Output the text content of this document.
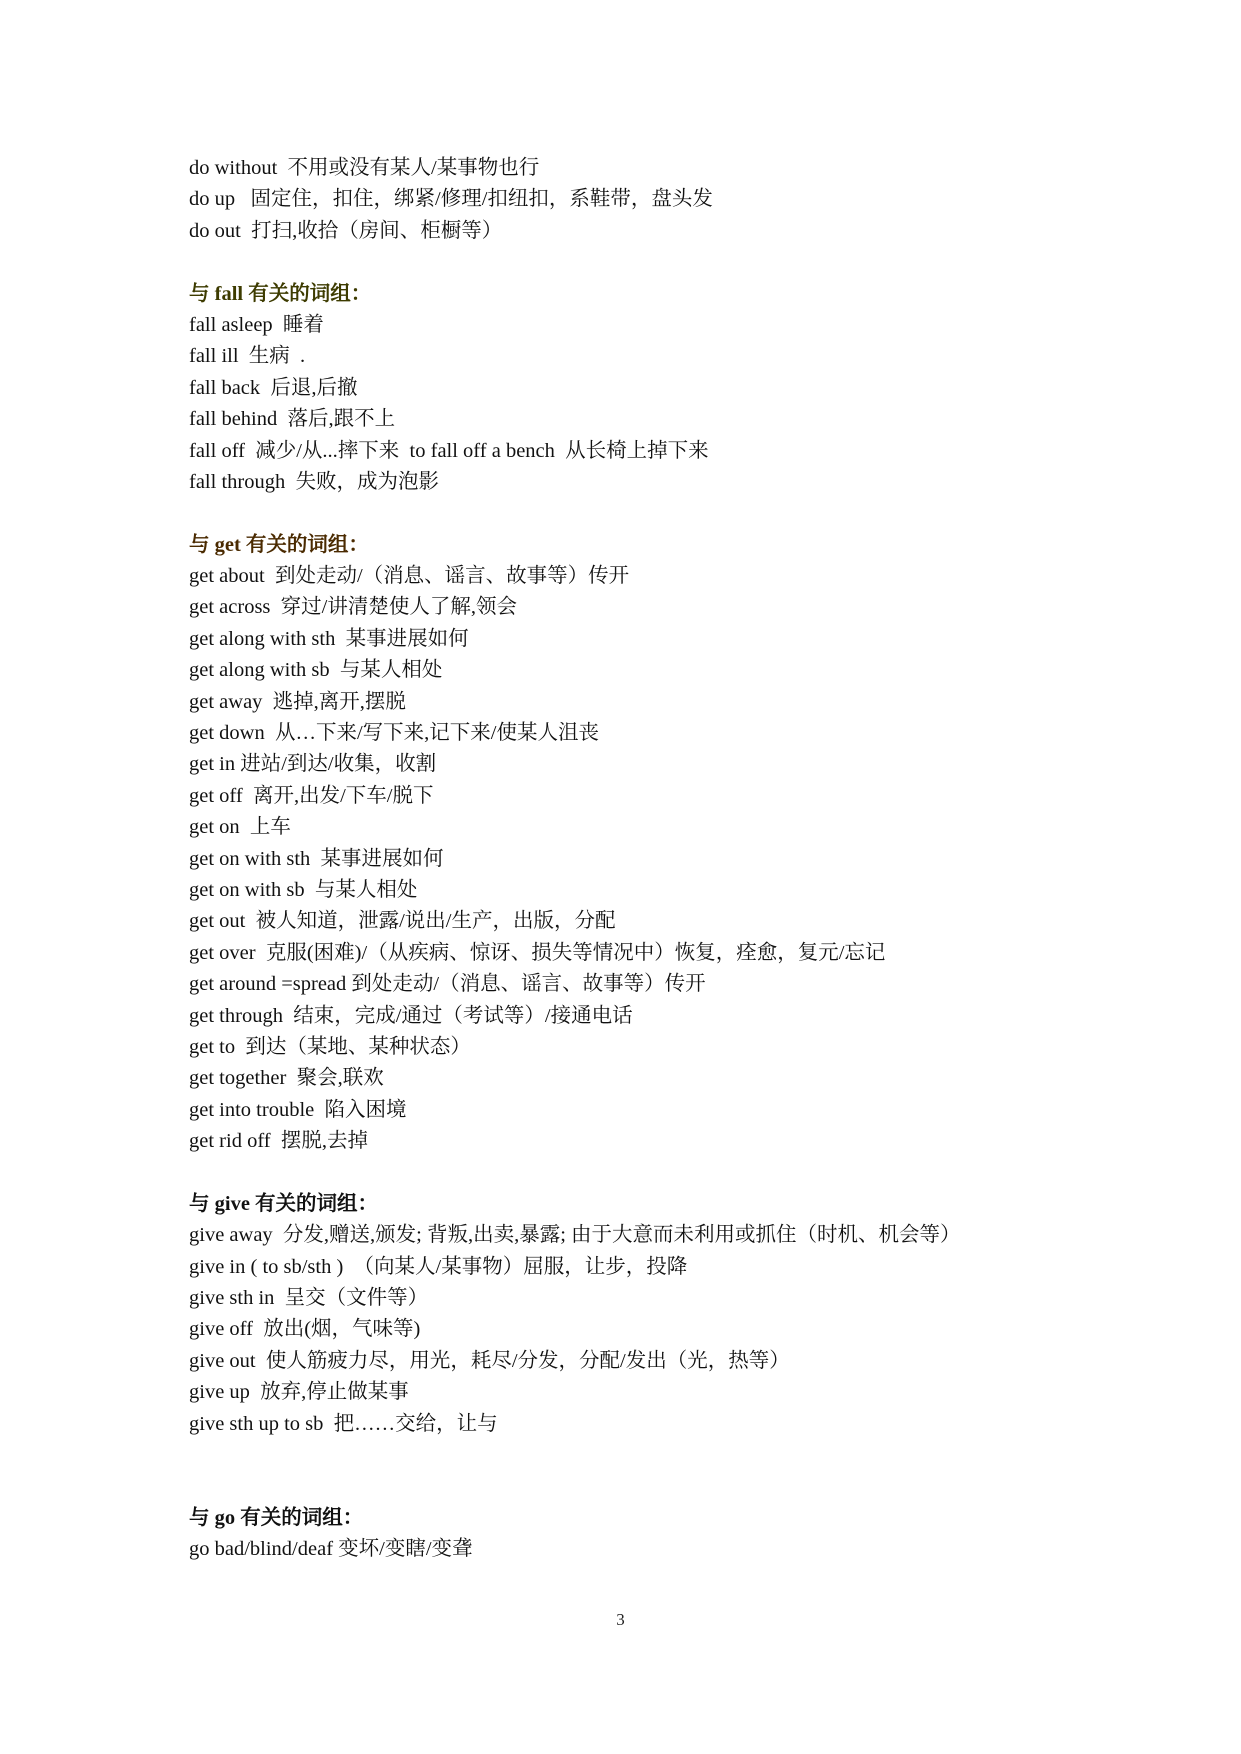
do without  不用或没有某人/某事物也行
do up   固定住，扣住，绑紧/修理/扣纽扣，系鞋带，盘头发
do out  打扫,收拾（房间、柜橱等）
与 fall 有关的词组：
fall asleep  睡着
fall ill  生病  .
fall back  后退,后撤
fall behind  落后,跟不上
fall off  减少/从...摔下来  to fall off a bench  从长椅上掉下来
fall through  失败，成为泡影
与 get 有关的词组：
get about  到处走动/（消息、谣言、故事等）传开
get across  穿过/讲清楚使人了解,领会
get along with sth  某事进展如何
get along with sb  与某人相处
get away  逃掉,离开,摆脱
get down  从…下来/写下来,记下来/使某人沮丧
get in 进站/到达/收集，收割
get off  离开,出发/下车/脱下
get on  上车
get on with sth  某事进展如何
get on with sb  与某人相处
get out  被人知道，泄露/说出/生产，出版，分配
get over  克服(困难)/（从疾病、惊讶、损失等情况中）恢复，痊愈，复元/忘记
get around =spread 到处走动/（消息、谣言、故事等）传开
get through  结束，完成/通过（考试等）/接通电话
get to  到达（某地、某种状态）
get together  聚会,联欢
get into trouble  陷入困境
get rid off  摆脱,去掉
与 give 有关的词组：
give away  分发,赠送,颁发; 背叛,出卖,暴露; 由于大意而未利用或抓住（时机、机会等）
give in ( to sb/sth )  （向某人/某事物）屈服，让步，投降
give sth in  呈交（文件等）
give off  放出(烟，气味等)
give out  使人筋疲力尽，用光，耗尽/分发，分配/发出（光，热等）
give up  放弃,停止做某事
give sth up to sb  把……交给，让与
与 go 有关的词组：
go bad/blind/deaf 变坏/变瞎/变聋
3
